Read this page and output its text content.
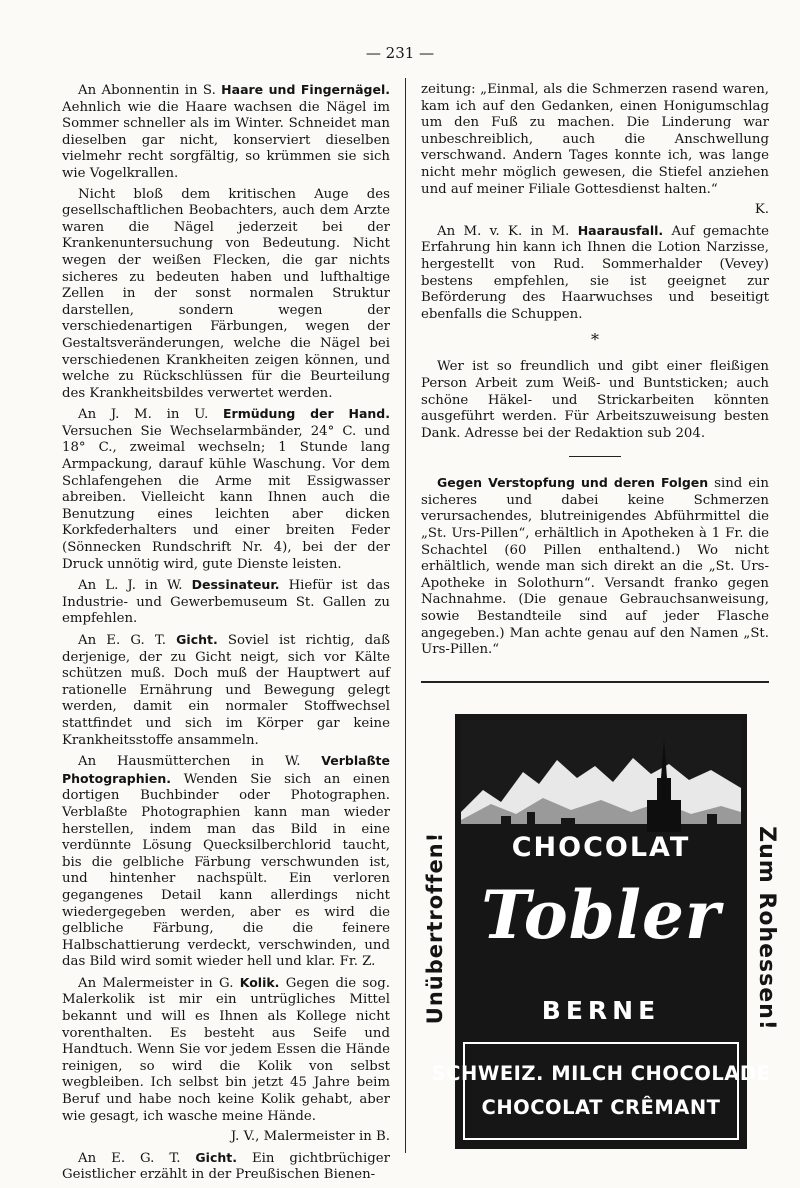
— 231 —

An Abonnentin in S. Haare und Fingernägel. Aehnlich wie die Haare wachsen die Nägel im Sommer schneller als im Winter. Schneidet man dieselben gar nicht, konserviert dieselben vielmehr recht sorgfältig, so krümmen sie sich wie Vogelkrallen.

Nicht bloß dem kritischen Auge des gesellschaftlichen Beobachters, auch dem Arzte waren die Nägel jederzeit bei der Krankenuntersuchung von Bedeutung. Nicht wegen der weißen Flecken, die gar nichts sicheres zu bedeuten haben und lufthaltige Zellen in der sonst normalen Struktur darstellen, sondern wegen der verschiedenartigen Färbungen, wegen der Gestaltsveränderungen, welche die Nägel bei verschiedenen Krankheiten zeigen können, und welche zu Rückschlüssen für die Beurteilung des Krankheitsbildes verwertet werden.

An J. M. in U. Ermüdung der Hand. Versuchen Sie Wechselarmbänder, 24° C. und 18° C., zweimal wechseln; 1 Stunde lang Armpackung, darauf kühle Waschung. Vor dem Schlafengehen die Arme mit Essigwasser abreiben. Vielleicht kann Ihnen auch die Benutzung eines leichten aber dicken Korkfederhalters und einer breiten Feder (Sönnecken Rundschrift Nr. 4), bei der der Druck unnötig wird, gute Dienste leisten.

An L. J. in W. Dessinateur. Hiefür ist das Industrie- und Gewerbemuseum St. Gallen zu empfehlen.

An E. G. T. Gicht. Soviel ist richtig, daß derjenige, der zu Gicht neigt, sich vor Kälte schützen muß. Doch muß der Hauptwert auf rationelle Ernährung und Bewegung gelegt werden, damit ein normaler Stoffwechsel stattfindet und sich im Körper gar keine Krankheitsstoffe ansammeln.

An Hausmütterchen in W. Verblaßte Photographien. Wenden Sie sich an einen dortigen Buchbinder oder Photographen. Verblaßte Photographien kann man wieder herstellen, indem man das Bild in eine verdünnte Lösung Quecksilberchlorid taucht, bis die gelbliche Färbung verschwunden ist, und hintenher nachspült. Ein verloren gegangenes Detail kann allerdings nicht wiedergegeben werden, aber es wird die gelbliche Färbung, die die feinere Halbschattierung verdeckt, verschwinden, und das Bild wird somit wieder hell und klar. Fr. Z.

An Malermeister in G. Kolik. Gegen die sog. Malerkolik ist mir ein untrügliches Mittel bekannt und will es Ihnen als Kollege nicht vorenthalten. Es besteht aus Seife und Handtuch. Wenn Sie vor jedem Essen die Hände reinigen, so wird die Kolik von selbst wegbleiben. Ich selbst bin jetzt 45 Jahre beim Beruf und habe noch keine Kolik gehabt, aber wie gesagt, ich wasche meine Hände.

J. V., Malermeister in B.

An E. G. T. Gicht. Ein gichtbrüchiger Geistlicher erzählt in der Preußischen Bienen-

zeitung: „Einmal, als die Schmerzen rasend waren, kam ich auf den Gedanken, einen Honigumschlag um den Fuß zu machen. Die Linderung war unbeschreiblich, auch die Anschwellung verschwand. Andern Tages konnte ich, was lange nicht mehr möglich gewesen, die Stiefel anziehen und auf meiner Filiale Gottesdienst halten.“

K.

An M. v. K. in M. Haarausfall. Auf gemachte Erfahrung hin kann ich Ihnen die Lotion Narzisse, hergestellt von Rud. Sommerhalder (Vevey) bestens empfehlen, sie ist geeignet zur Beförderung des Haarwuchses und beseitigt ebenfalls die Schuppen.

*

Wer ist so freundlich und gibt einer fleißigen Person Arbeit zum Weiß- und Buntsticken; auch schöne Häkel- und Strickarbeiten könnten ausgeführt werden. Für Arbeitszuweisung besten Dank. Adresse bei der Redaktion sub 204.

Gegen Verstopfung und deren Folgen sind ein sicheres und dabei keine Schmerzen verursachendes, blutreinigendes Abführmittel die „St. Urs-Pillen“, erhältlich in Apotheken à 1 Fr. die Schachtel (60 Pillen enthaltend.) Wo nicht erhältlich, wende man sich direkt an die „St. Urs-Apotheke in Solothurn“. Versandt franko gegen Nachnahme. (Die genaue Gebrauchsanweisung, sowie Bestandteile sind auf jeder Flasche angegeben.) Man achte genau auf den Namen „St. Urs-Pillen.“

Unübertroffen!	CHOCOLAT
Tobler
BERNE
SCHWEIZ. MILCH CHOCOLADE
CHOCOLAT CRÊMANT
Zum Rohessen!
